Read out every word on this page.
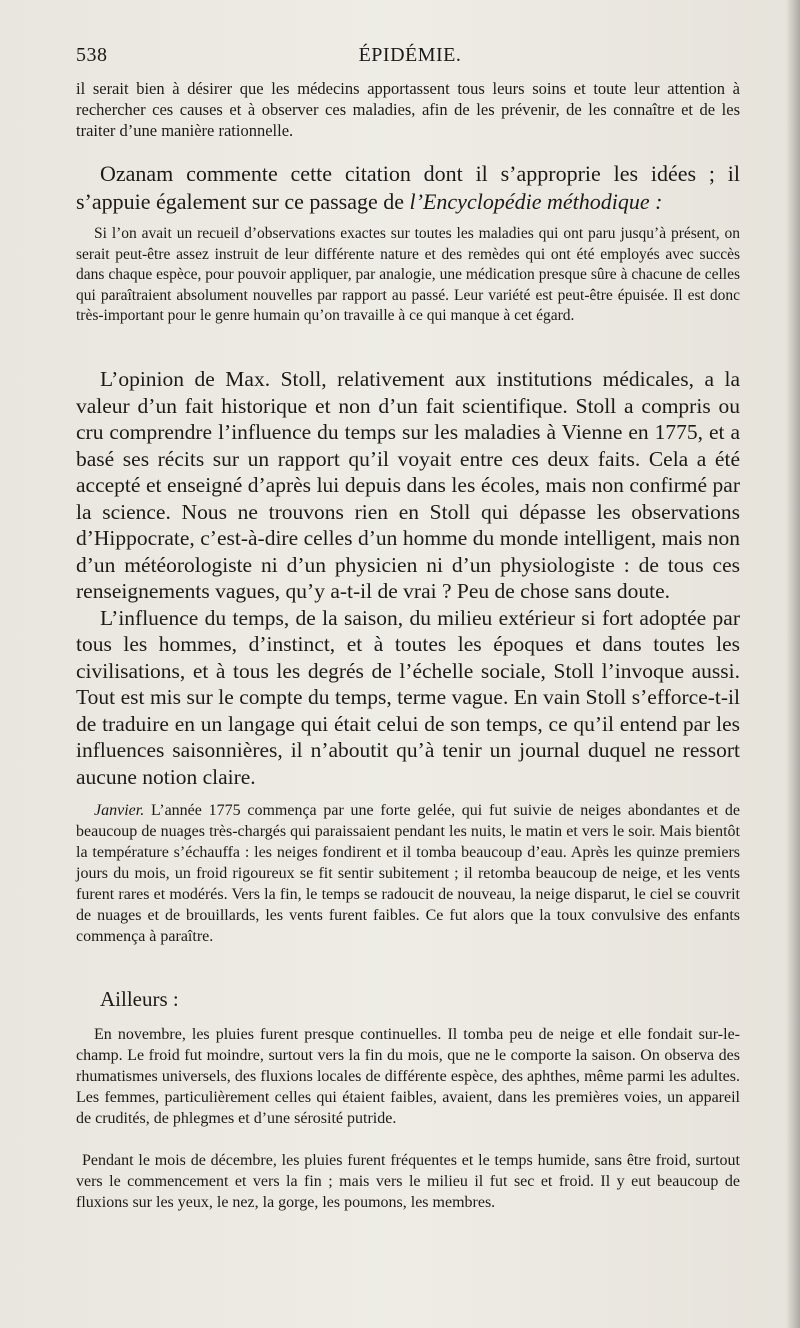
538	ÉPIDÉMIE.

il serait bien à désirer que les médecins apportassent tous leurs soins et toute leur attention à rechercher ces causes et à observer ces maladies, afin de les prévenir, de les connaître et de les traiter d’une manière rationnelle.

Ozanam commente cette citation dont il s’approprie les idées ; il s’appuie également sur ce passage de l’Encyclopédie méthodique :

Si l’on avait un recueil d’observations exactes sur toutes les maladies qui ont paru jusqu’à présent, on serait peut-être assez instruit de leur différente nature et des remèdes qui ont été employés avec succès dans chaque espèce, pour pouvoir appliquer, par analogie, une médication presque sûre à chacune de celles qui paraîtraient absolument nouvelles par rapport au passé. Leur variété est peut-être épuisée. Il est donc très-important pour le genre humain qu’on travaille à ce qui manque à cet égard.

L’opinion de Max. Stoll, relativement aux institutions médicales, a la valeur d’un fait historique et non d’un fait scientifique. Stoll a compris ou cru comprendre l’influence du temps sur les maladies à Vienne en 1775, et a basé ses récits sur un rapport qu’il voyait entre ces deux faits. Cela a été accepté et enseigné d’après lui depuis dans les écoles, mais non confirmé par la science. Nous ne trouvons rien en Stoll qui dépasse les observations d’Hippocrate, c’est-à-dire celles d’un homme du monde intelligent, mais non d’un météorologiste ni d’un physicien ni d’un physiologiste : de tous ces renseignements vagues, qu’y a-t-il de vrai ? Peu de chose sans doute.

L’influence du temps, de la saison, du milieu extérieur si fort adoptée par tous les hommes, d’instinct, et à toutes les époques et dans toutes les civilisations, et à tous les degrés de l’échelle sociale, Stoll l’invoque aussi. Tout est mis sur le compte du temps, terme vague. En vain Stoll s’efforce-t-il de traduire en un langage qui était celui de son temps, ce qu’il entend par les influences saisonnières, il n’aboutit qu’à tenir un journal duquel ne ressort aucune notion claire.

Janvier. L’année 1775 commença par une forte gelée, qui fut suivie de neiges abondantes et de beaucoup de nuages très-chargés qui paraissaient pendant les nuits, le matin et vers le soir. Mais bientôt la température s’échauffa : les neiges fondirent et il tomba beaucoup d’eau. Après les quinze premiers jours du mois, un froid rigoureux se fit sentir subitement ; il retomba beaucoup de neige, et les vents furent rares et modérés. Vers la fin, le temps se radoucit de nouveau, la neige disparut, le ciel se couvrit de nuages et de brouillards, les vents furent faibles. Ce fut alors que la toux convulsive des enfants commença à paraître.

Ailleurs :

En novembre, les pluies furent presque continuelles. Il tomba peu de neige et elle fondait sur-le-champ. Le froid fut moindre, surtout vers la fin du mois, que ne le comporte la saison. On observa des rhumatismes universels, des fluxions locales de différente espèce, des aphthes, même parmi les adultes. Les femmes, particulièrement celles qui étaient faibles, avaient, dans les premières voies, un appareil de crudités, de phlegmes et d’une sérosité putride.

Pendant le mois de décembre, les pluies furent fréquentes et le temps humide, sans être froid, surtout vers le commencement et vers la fin ; mais vers le milieu il fut sec et froid. Il y eut beaucoup de fluxions sur les yeux, le nez, la gorge, les poumons, les membres.
